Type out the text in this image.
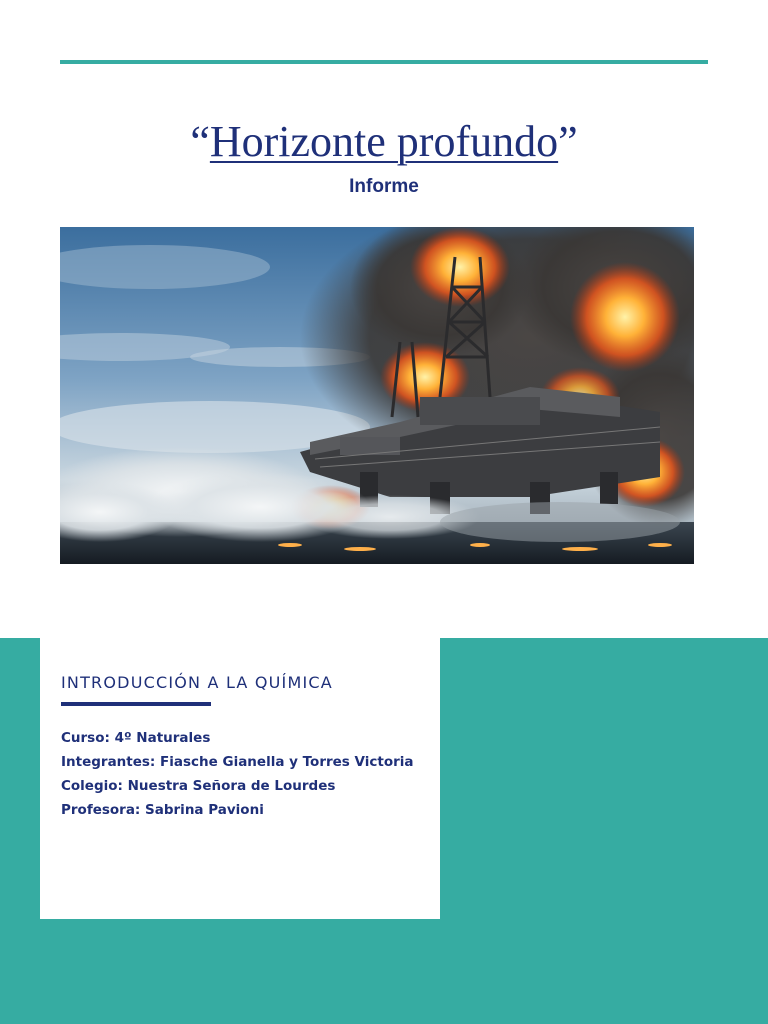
“Horizonte profundo”
Informe
INTRODUCCIÓN A LA QUÍMICA
Curso: 4º Naturales
Integrantes: Fiasche Gianella y Torres Victoria
Colegio: Nuestra Señora de Lourdes
Profesora: Sabrina Pavioni
